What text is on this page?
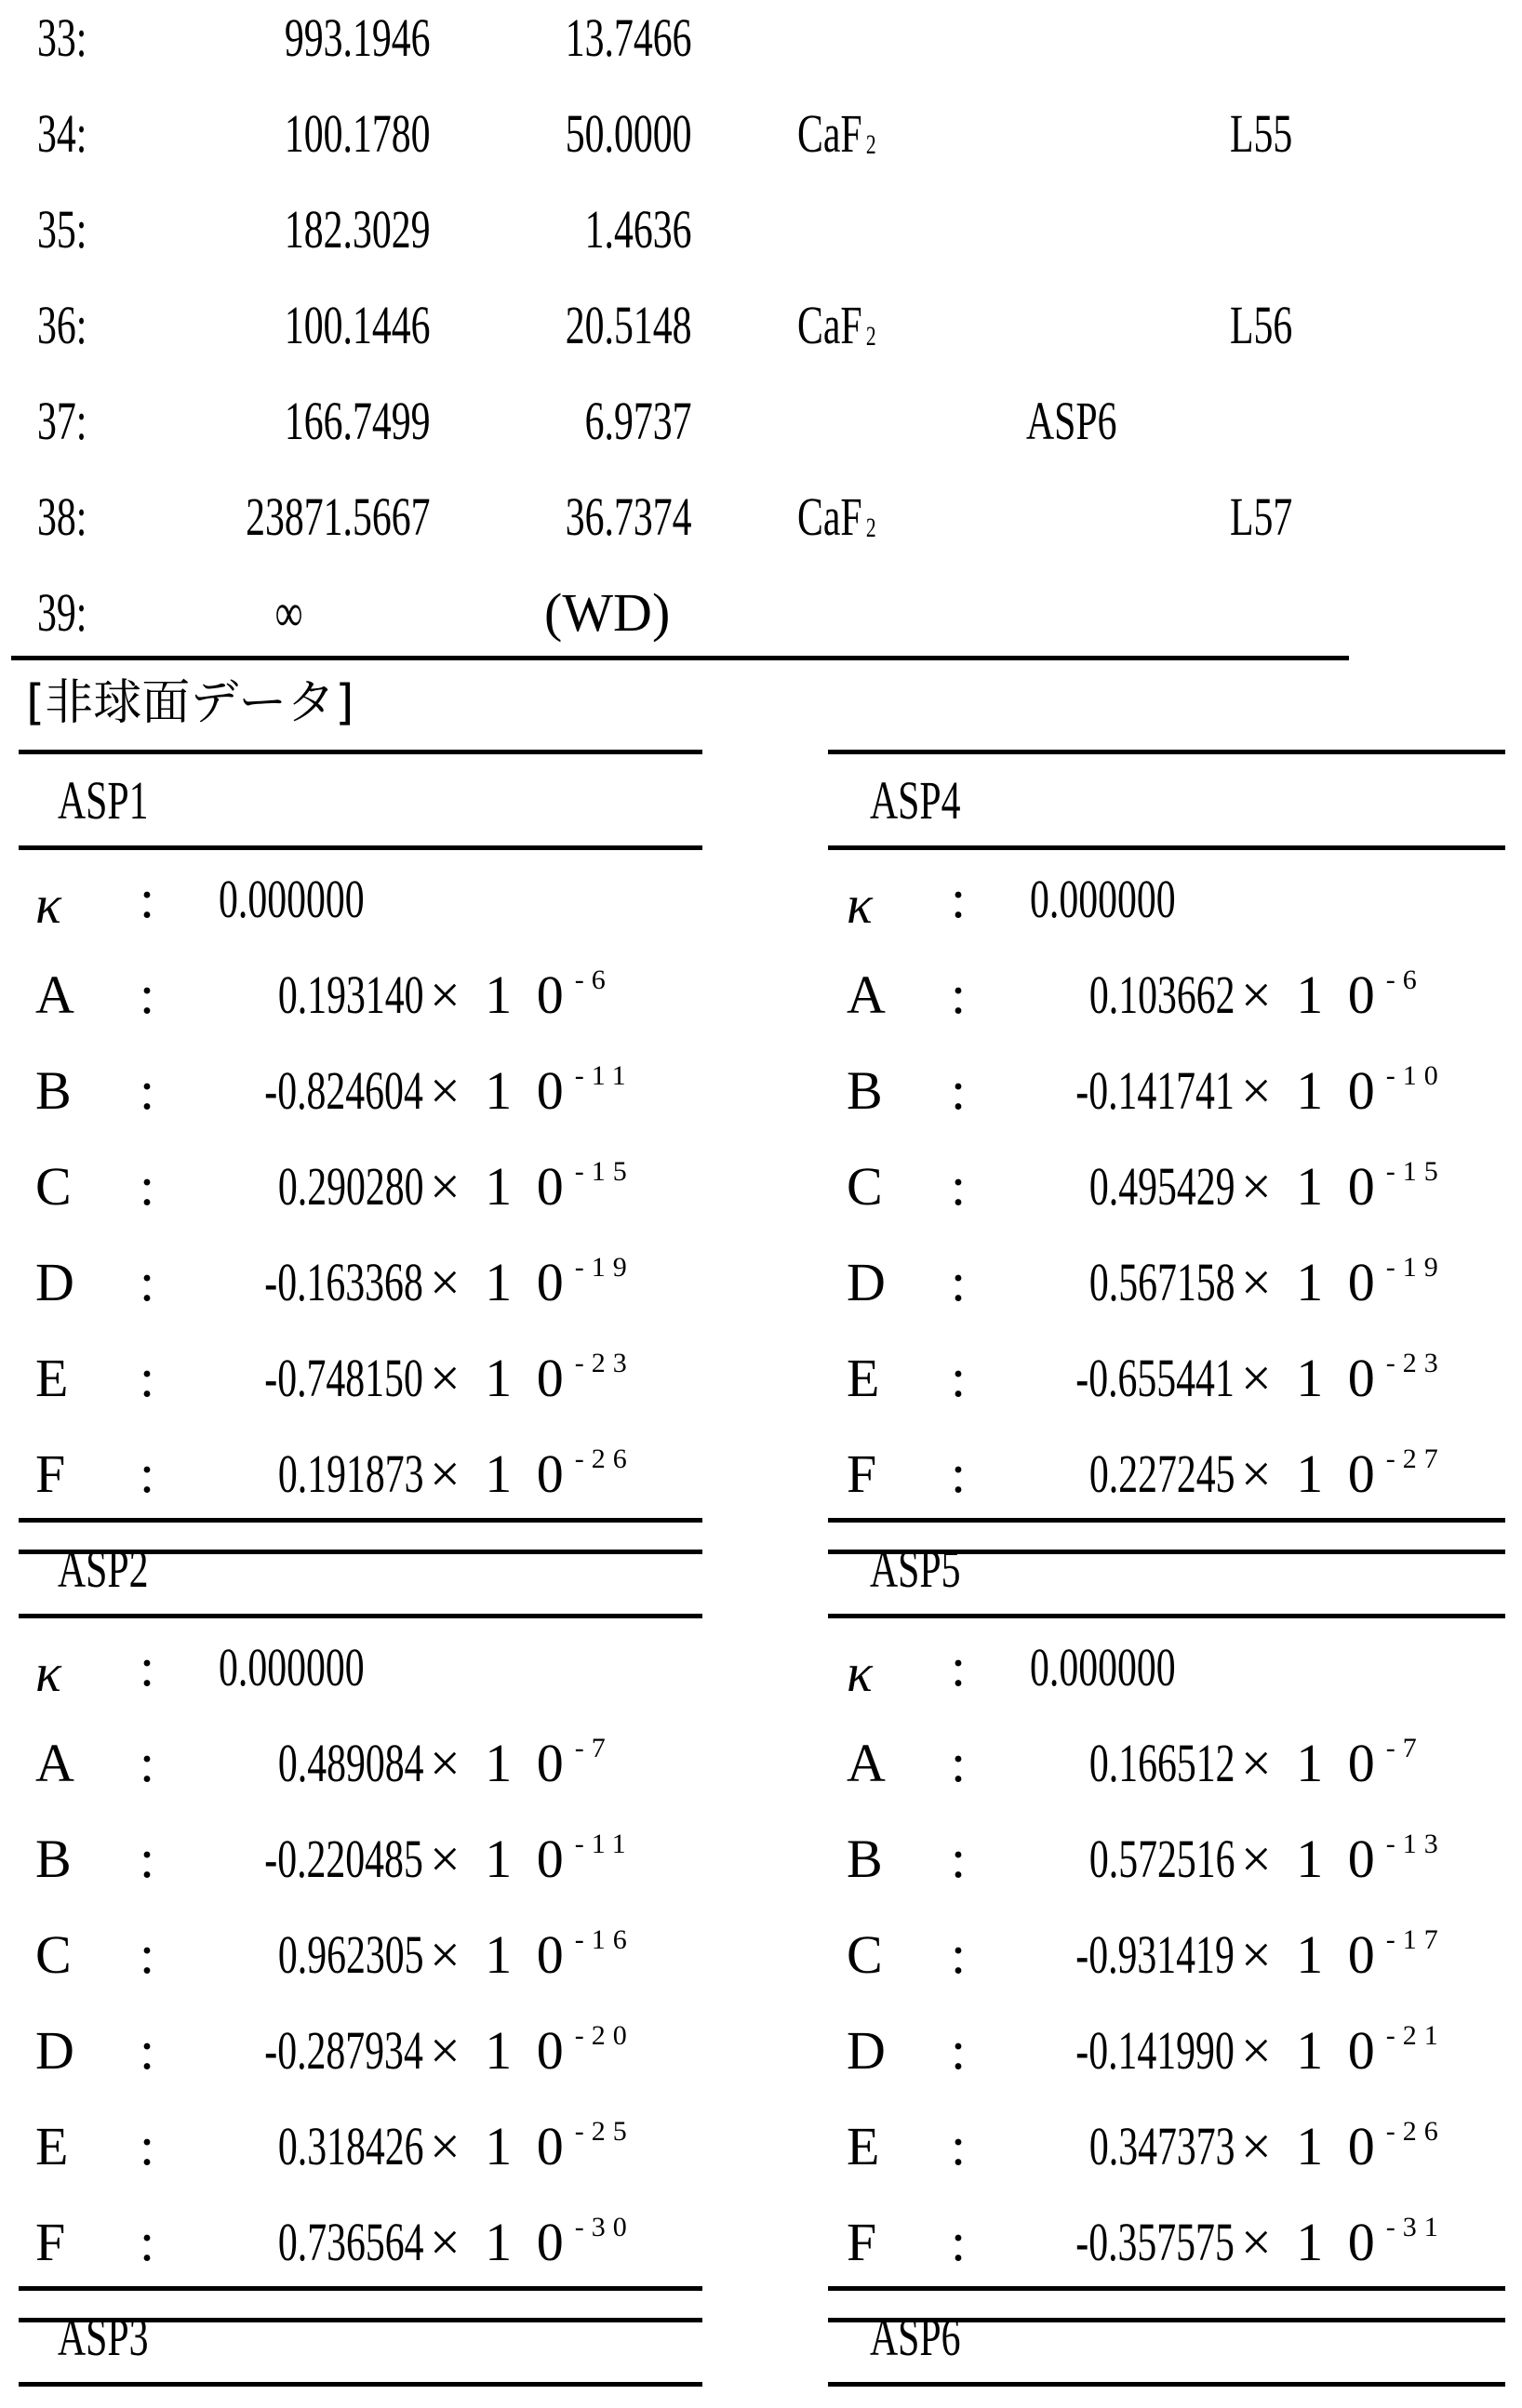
33:	993.1946	13.7466
34:	100.1780	50.0000 CaF 2	L55
35:	182.3029	1.4636
36:	100.1446	20.5148 CaF 2	L56
37:	166.7499	6.9737	ASP6
38:	23871.5667	36.7374 CaF 2	L57
39:	∞	(WD)
[非球面データ]
ASP1
κ : 0.000000
A :	0.193140 × 1 0 $^{-6}$
B :	-0.824604 × 1 0 $^{-11}$
C :	0.290280 × 1 0 $^{-15}$
D :	-0.163368 × 1 0 $^{-19}$
E :	-0.748150 × 1 0 $^{-23}$
F :	0.191873 × 1 0 $^{-26}$
ASP4
κ : 0.000000
A :	0.103662 × 1 0 $^{-6}$
B :	-0.141741 × 1 0 $^{-10}$
C :	0.495429 × 1 0 $^{-15}$
D :	0.567158 × 1 0 $^{-19}$
E :	-0.655441 × 1 0 $^{-23}$
F :	0.227245 × 1 0 $^{-27}$
ASP2
κ : 0.000000
A :	0.489084 × 1 0 $^{-7}$
B :	-0.220485 × 1 0 $^{-11}$
C :	0.962305 × 1 0 $^{-16}$
D :	-0.287934 × 1 0 $^{-20}$
E :	0.318426 × 1 0 $^{-25}$
F :	0.736564 × 1 0 $^{-30}$
ASP5
κ : 0.000000
A :	0.166512 × 1 0 $^{-7}$
B :	0.572516 × 1 0 $^{-13}$
C :	-0.931419 × 1 0 $^{-17}$
D :	-0.141990 × 1 0 $^{-21}$
E :	0.347373 × 1 0 $^{-26}$
F :	-0.357575 × 1 0 $^{-31}$
ASP3	ASP6
